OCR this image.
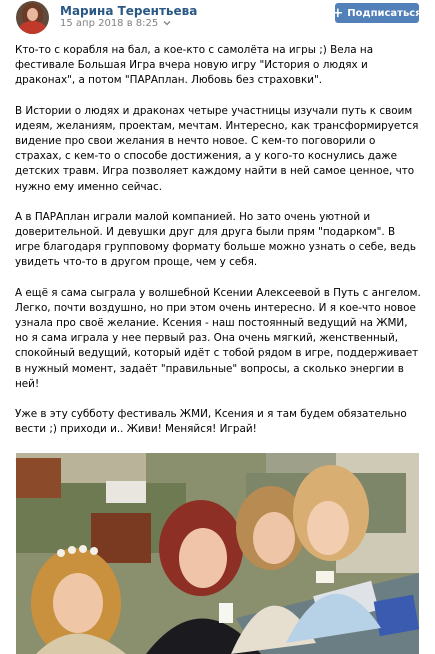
Марина Терентьева
15 апр 2018 в 8:25
+ Подписаться

Кто-то с корабля на бал, а кое-кто с самолёта на игры ;) Вела на фестивале Большая Игра вчера новую игру "История о людях и драконах", а потом "ПАРАплан. Любовь без страховки".

В Истории о людях и драконах четыре участницы изучали путь к своим идеям, желаниям, проектам, мечтам. Интересно, как трансформируется видение про свои желания в нечто новое. С кем-то поговорили о страхах, с кем-то о способе достижения, а у кого-то коснулись даже детских травм. Игра позволяет каждому найти в ней самое ценное, что нужно ему именно сейчас.

А в ПАРАплан играли малой компанией. Но зато очень уютной и доверительной. И девушки друг для друга были прям "подарком". В игре благодаря групповому формату больше можно узнать о себе, ведь увидеть что-то в другом проще, чем у себя.

А ещё я сама сыграла у волшебной Ксении Алексеевой в Путь с ангелом. Легко, почти воздушно, но при этом очень интересно. И я кое-что новое узнала про своё желание. Ксения - наш постоянный ведущий на ЖМИ, но я сама играла у нее первый раз. Она очень мягкий, женственный, спокойный ведущий, который идёт с тобой рядом в игре, поддерживает в нужный момент, задаёт "правильные" вопросы, а сколько энергии в ней!

Уже в эту субботу фестиваль ЖМИ, Ксения и я там будем обязательно вести ;) приходи и.. Живи! Меняйся! Играй!
